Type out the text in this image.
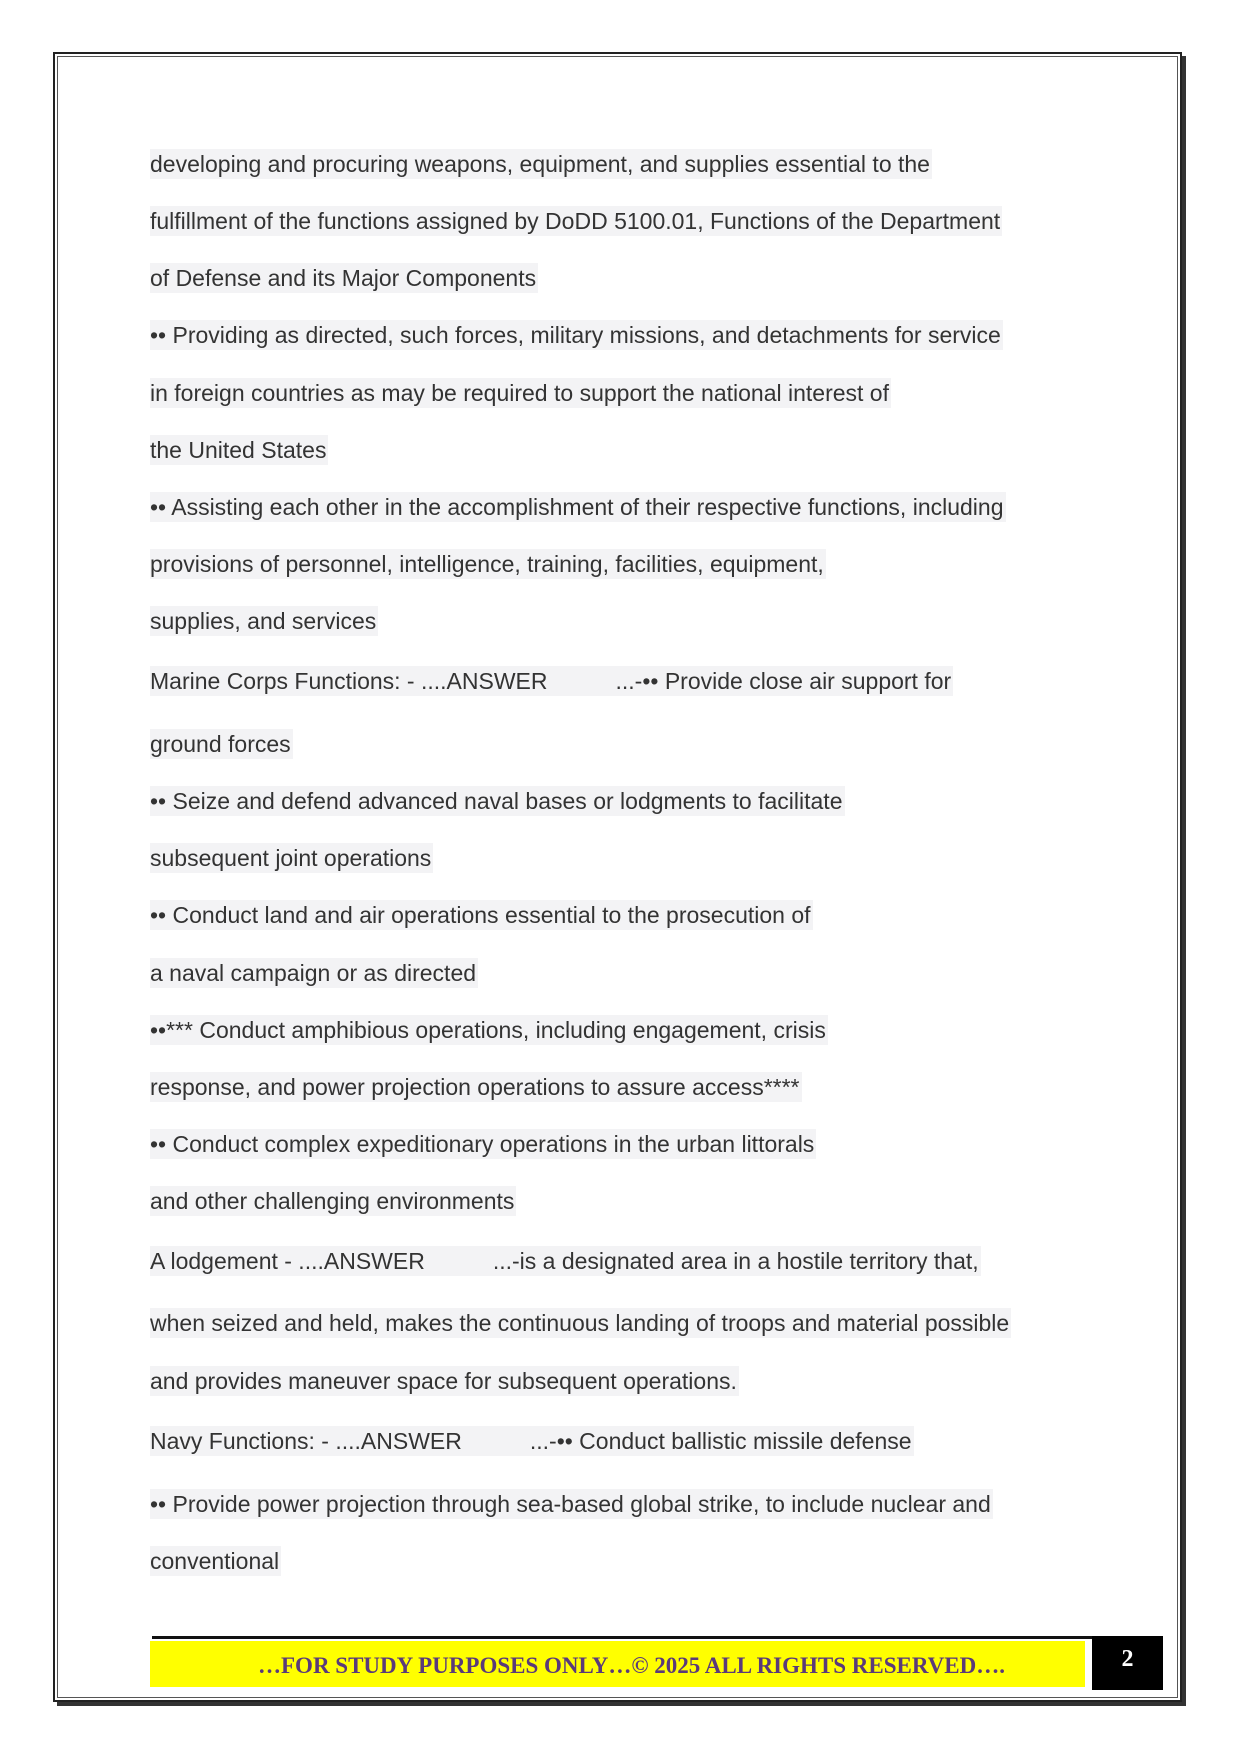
developing and procuring weapons, equipment, and supplies essential to the
fulfillment of the functions assigned by DoDD 5100.01, Functions of the Department
of Defense and its Major Components
•• Providing as directed, such forces, military missions, and detachments for service
in foreign countries as may be required to support the national interest of
the United States
•• Assisting each other in the accomplishment of their respective functions, including
provisions of personnel, intelligence, training, facilities, equipment,
supplies, and services
Marine Corps Functions: - ....ANSWER	...-•• Provide close air support for
ground forces
•• Seize and defend advanced naval bases or lodgments to facilitate
subsequent joint operations
•• Conduct land and air operations essential to the prosecution of
a naval campaign or as directed
••*** Conduct amphibious operations, including engagement, crisis
response, and power projection operations to assure access****
•• Conduct complex expeditionary operations in the urban littorals
and other challenging environments
A lodgement - ....ANSWER	...-is a designated area in a hostile territory that,
when seized and held, makes the continuous landing of troops and material possible
and provides maneuver space for subsequent operations.
Navy Functions: - ....ANSWER	...-•• Conduct ballistic missile defense
•• Provide power projection through sea-based global strike, to include nuclear and
conventional
…FOR STUDY PURPOSES ONLY…© 2025 ALL RIGHTS RESERVED….	2
